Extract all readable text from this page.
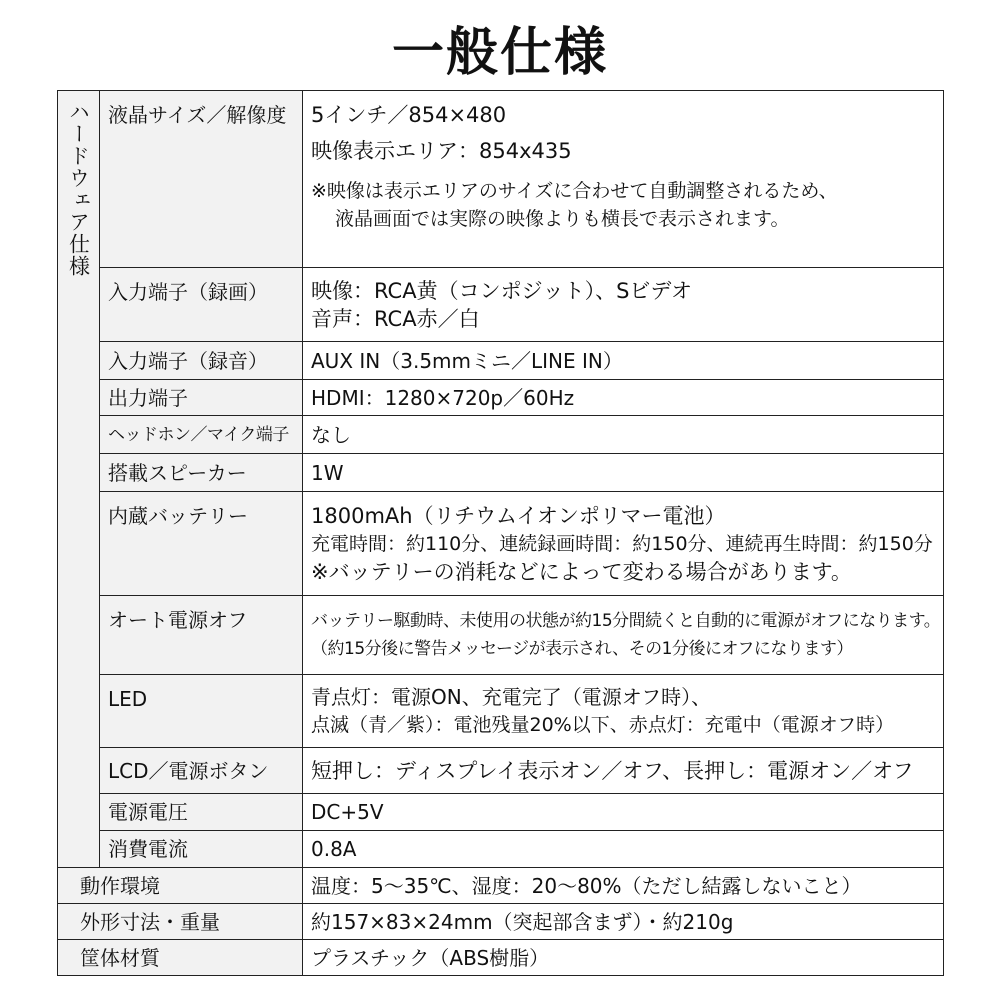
一般仕様
ハードウェア仕様	液晶サイズ／解像度	5インチ／854×480
映像表示エリア：854x435
※映像は表示エリアのサイズに合わせて自動調整されるため、
液晶画面では実際の映像よりも横長で表示されます。

	入力端子（録画）	映像：RCA黄（コンポジット）、Sビデオ
音声：RCA赤／白

	入力端子（録音）	AUX IN（3.5mmミニ／LINE IN）

	出力端子	HDMI：1280×720p／60Hz

	ヘッドホン／マイク端子	なし

	搭載スピーカー	1W

	内蔵バッテリー	1800mAh（リチウムイオンポリマー電池）
充電時間：約110分、連続録画時間：約150分、連続再生時間：約150分
※バッテリーの消耗などによって変わる場合があります。

	オート電源オフ	バッテリー駆動時、未使用の状態が約15分間続くと自動的に電源がオフになります。
（約15分後に警告メッセージが表示され、その1分後にオフになります）

	LED	青点灯：電源ON、充電完了（電源オフ時）、
点滅（青／紫）：電池残量20%以下、赤点灯：充電中（電源オフ時）

	LCD／電源ボタン	短押し：ディスプレイ表示オン／オフ、長押し：電源オン／オフ

	電源電圧	DC+5V

	消費電流	0.8A

動作環境		温度：5～35℃、湿度：20～80%（ただし結露しないこと）
外形寸法・重量		約157×83×24mm（突起部含まず）・約210g
筐体材質		プラスチック（ABS樹脂）
